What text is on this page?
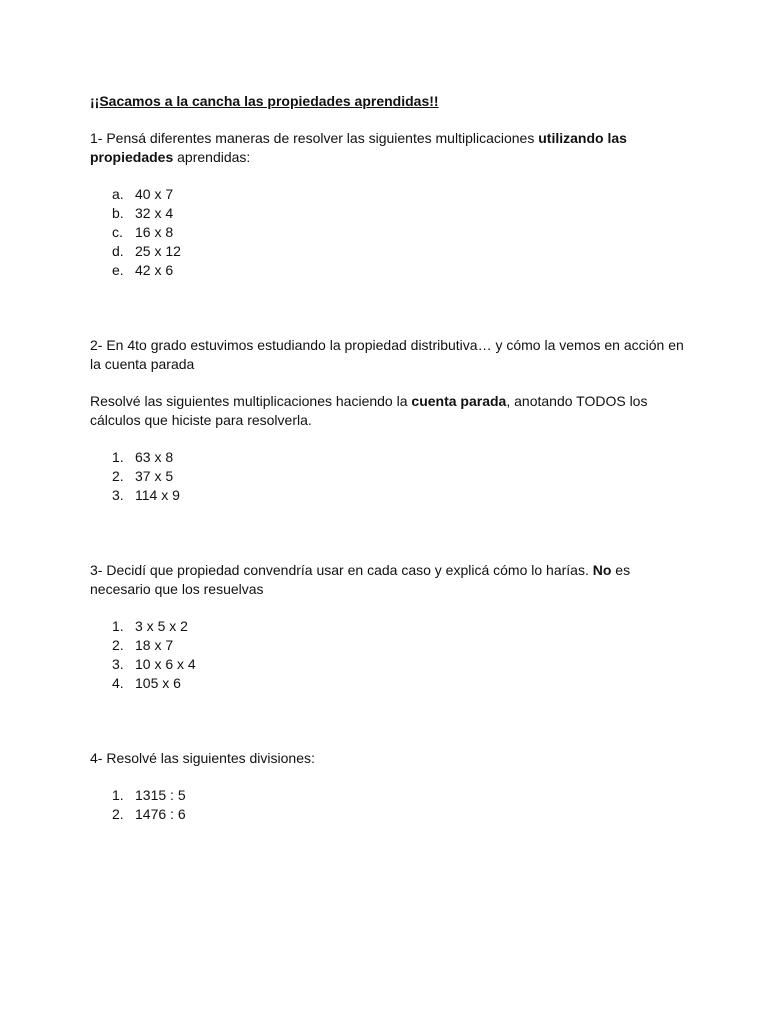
¡¡Sacamos a la cancha las propiedades aprendidas!!

1- Pensá diferentes maneras de resolver las siguientes multiplicaciones utilizando las propiedades aprendidas:

a. 40 x 7
b. 32 x 4
c. 16 x 8
d. 25 x 12
e. 42 x 6

2- En 4to grado estuvimos estudiando la propiedad distributiva… y cómo la vemos en acción en la cuenta parada

Resolvé las siguientes multiplicaciones haciendo la cuenta parada, anotando TODOS los cálculos que hiciste para resolverla.

1. 63 x 8
2. 37 x 5
3. 114 x 9

3- Decidí que propiedad convendría usar en cada caso y explicá cómo lo harías. No es necesario que los resuelvas

1. 3 x 5 x 2
2. 18 x 7
3. 10 x 6 x 4
4. 105 x 6

4- Resolvé las siguientes divisiones:

1. 1315 : 5
2. 1476 : 6
